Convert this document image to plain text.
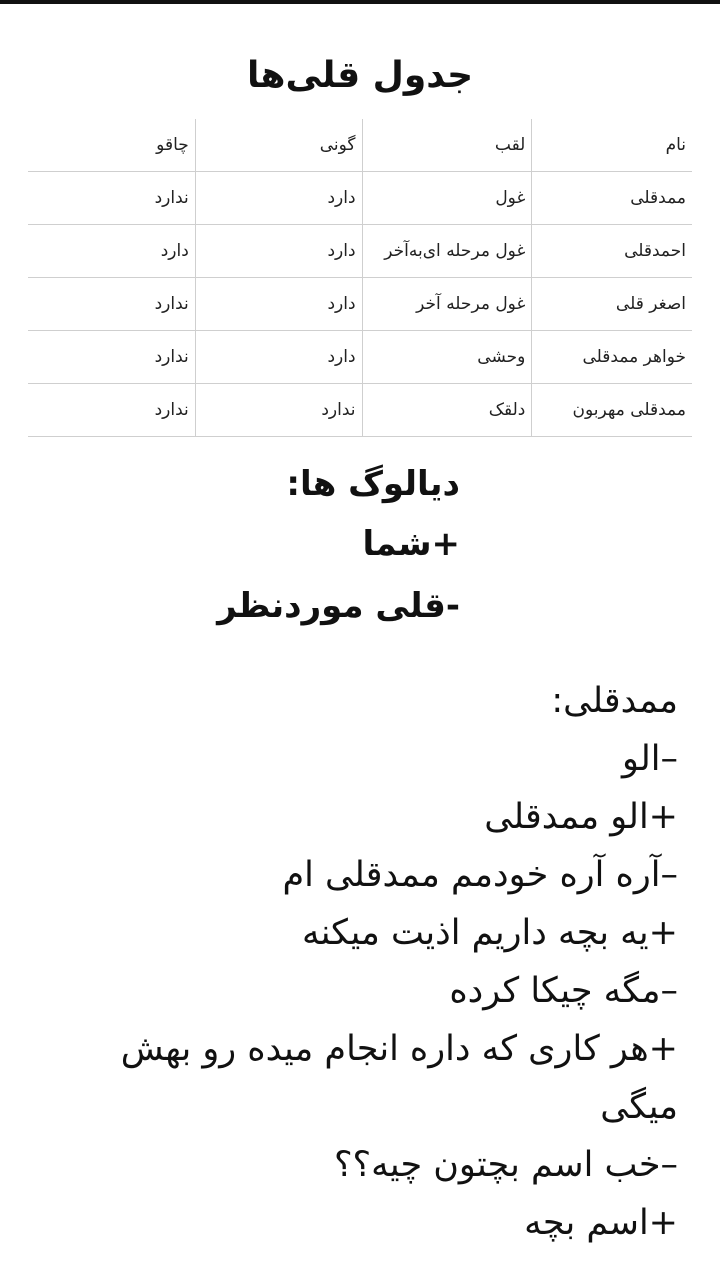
جدول قلی‌ها
نام	لقب	گونی	چاقو
ممدقلی	غول	دارد	ندارد
احمدقلی	غول مرحله ای‌به‌آخر	دارد	دارد
اصغر قلی	غول مرحله آخر	دارد	ندارد
خواهر ممدقلی	وحشی	دارد	ندارد
ممدقلی مهربون	دلقک	ندارد	ندارد
دیالوگ ها:
+شما
-قلی موردنظر
ممدقلی:
–الو
+الو ممدقلی
–آره آره خودمم ممدقلی ام
+یه بچه داریم اذیت میکنه
–مگه چیکا کرده
+هر کاری که داره انجام میده رو بهش میگی
–خب اسم بچتون چیه؟؟
+اسم بچه
